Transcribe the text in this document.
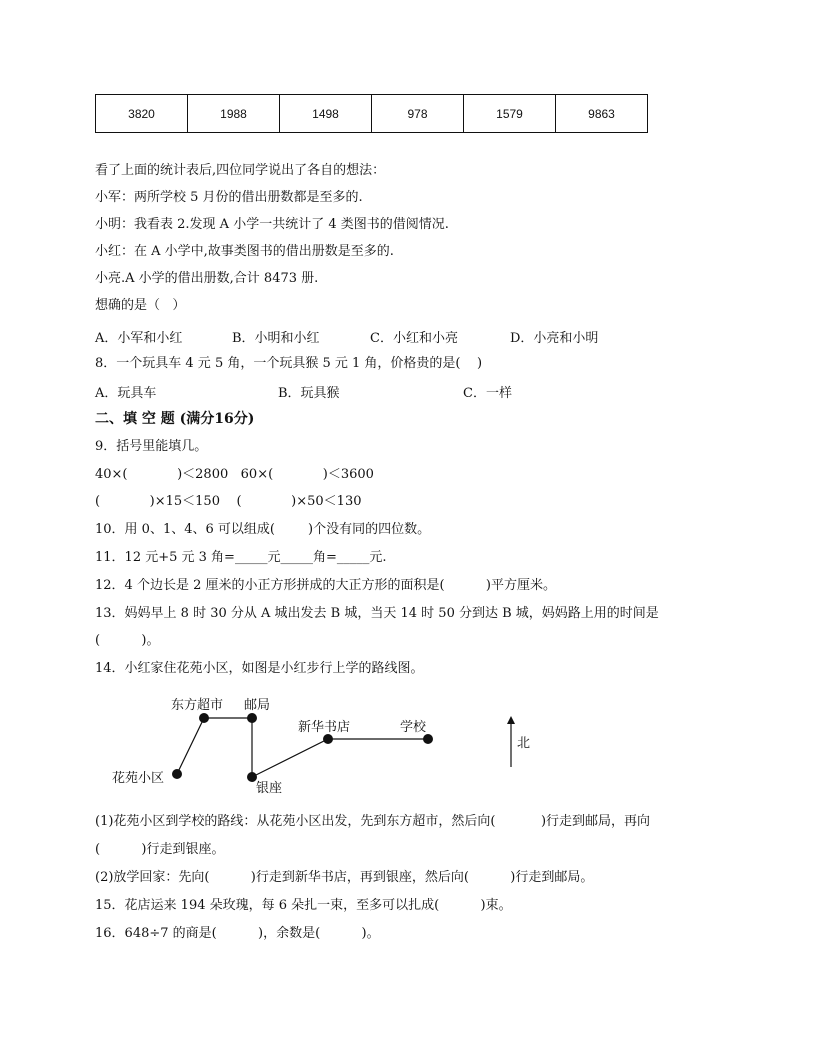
3820	1988	1498	978	1579	9863
看了上面的统计表后,四位同学说出了各自的想法：
小军：两所学校 5 月份的借出册数都是至多的.
小明：我看表 2.发现 A 小学一共统计了 4 类图书的借阅情况.
小红：在 A 小学中,故事类图书的借出册数是至多的.
小亮.A 小学的借出册数,合计 8473 册.
想确的是（   ）
A．小军和小红	B．小明和小红	C．小红和小亮	D．小亮和小明
8．一个玩具车 4 元 5 角，一个玩具猴 5 元 1 角，价格贵的是(    )
A．玩具车	B．玩具猴	C．一样
二、填 空 题 (满分16分)
9．括号里能填几。
40×(            )＜2800   60×(            )＜3600
(            )×15＜150    (            )×50＜130
10．用 0、1、4、6 可以组成(        )个没有同的四位数。
11．12 元+5 元 3 角=_____元_____角=_____元.
12．4 个边长是 2 厘米的小正方形拼成的大正方形的面积是(          )平方厘米。
13．妈妈早上 8 时 30 分从 A 城出发去 B 城，当天 14 时 50 分到达 B 城，妈妈路上用的时间是
(          )。
14．小红家住花苑小区，如图是小红步行上学的路线图。
东方超市 邮局
新华书店	学校
花苑小区
银座
北
(1)花苑小区到学校的路线：从花苑小区出发，先到东方超市，然后向(           )行走到邮局，再向
(          )行走到银座。
(2)放学回家：先向(          )行走到新华书店，再到银座，然后向(          )行走到邮局。
15．花店运来 194 朵玫瑰，每 6 朵扎一束，至多可以扎成(          )束。
16．648÷7 的商是(          )，余数是(          )。
